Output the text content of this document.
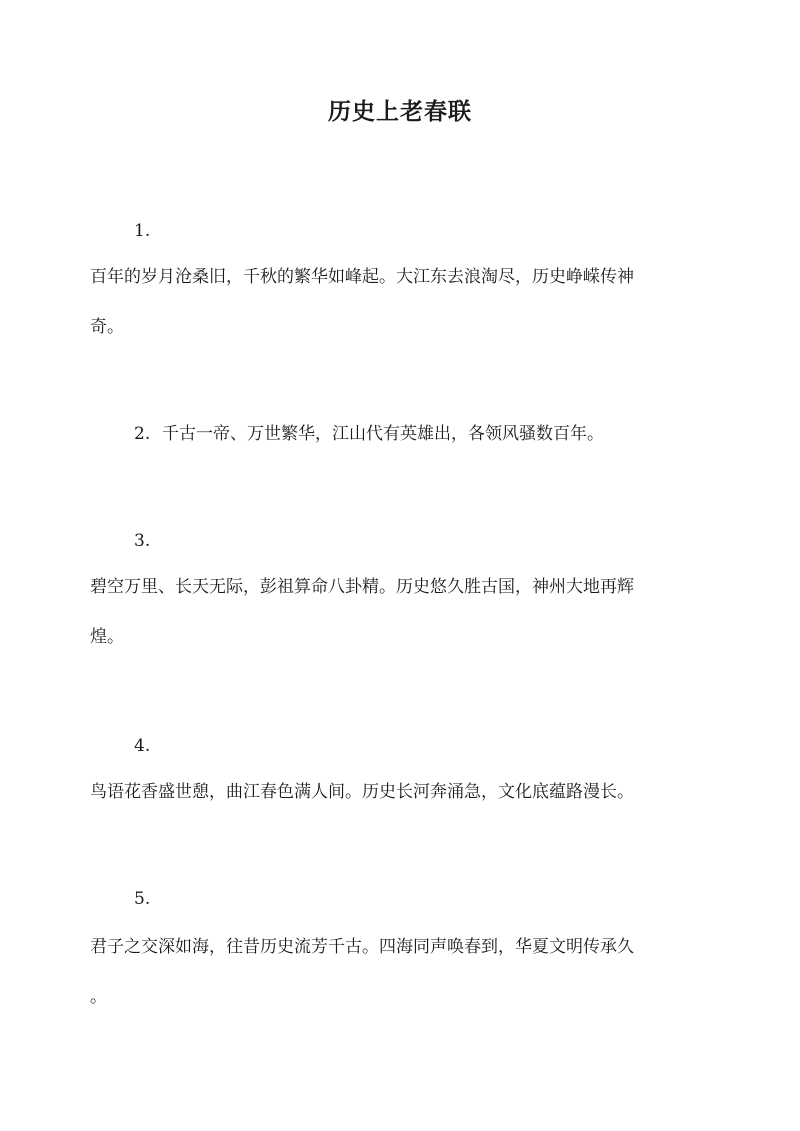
历史上老春联
1.
百年的岁月沧桑旧，千秋的繁华如峰起。大江东去浪淘尽，历史峥嵘传神
奇。
2. 千古一帝、万世繁华，江山代有英雄出，各领风骚数百年。
3.
碧空万里、长天无际，彭祖算命八卦精。历史悠久胜古国，神州大地再辉
煌。
4.
鸟语花香盛世憩，曲江春色满人间。历史长河奔涌急，文化底蕴路漫长。
5.
君子之交深如海，往昔历史流芳千古。四海同声唤春到，华夏文明传承久
。
